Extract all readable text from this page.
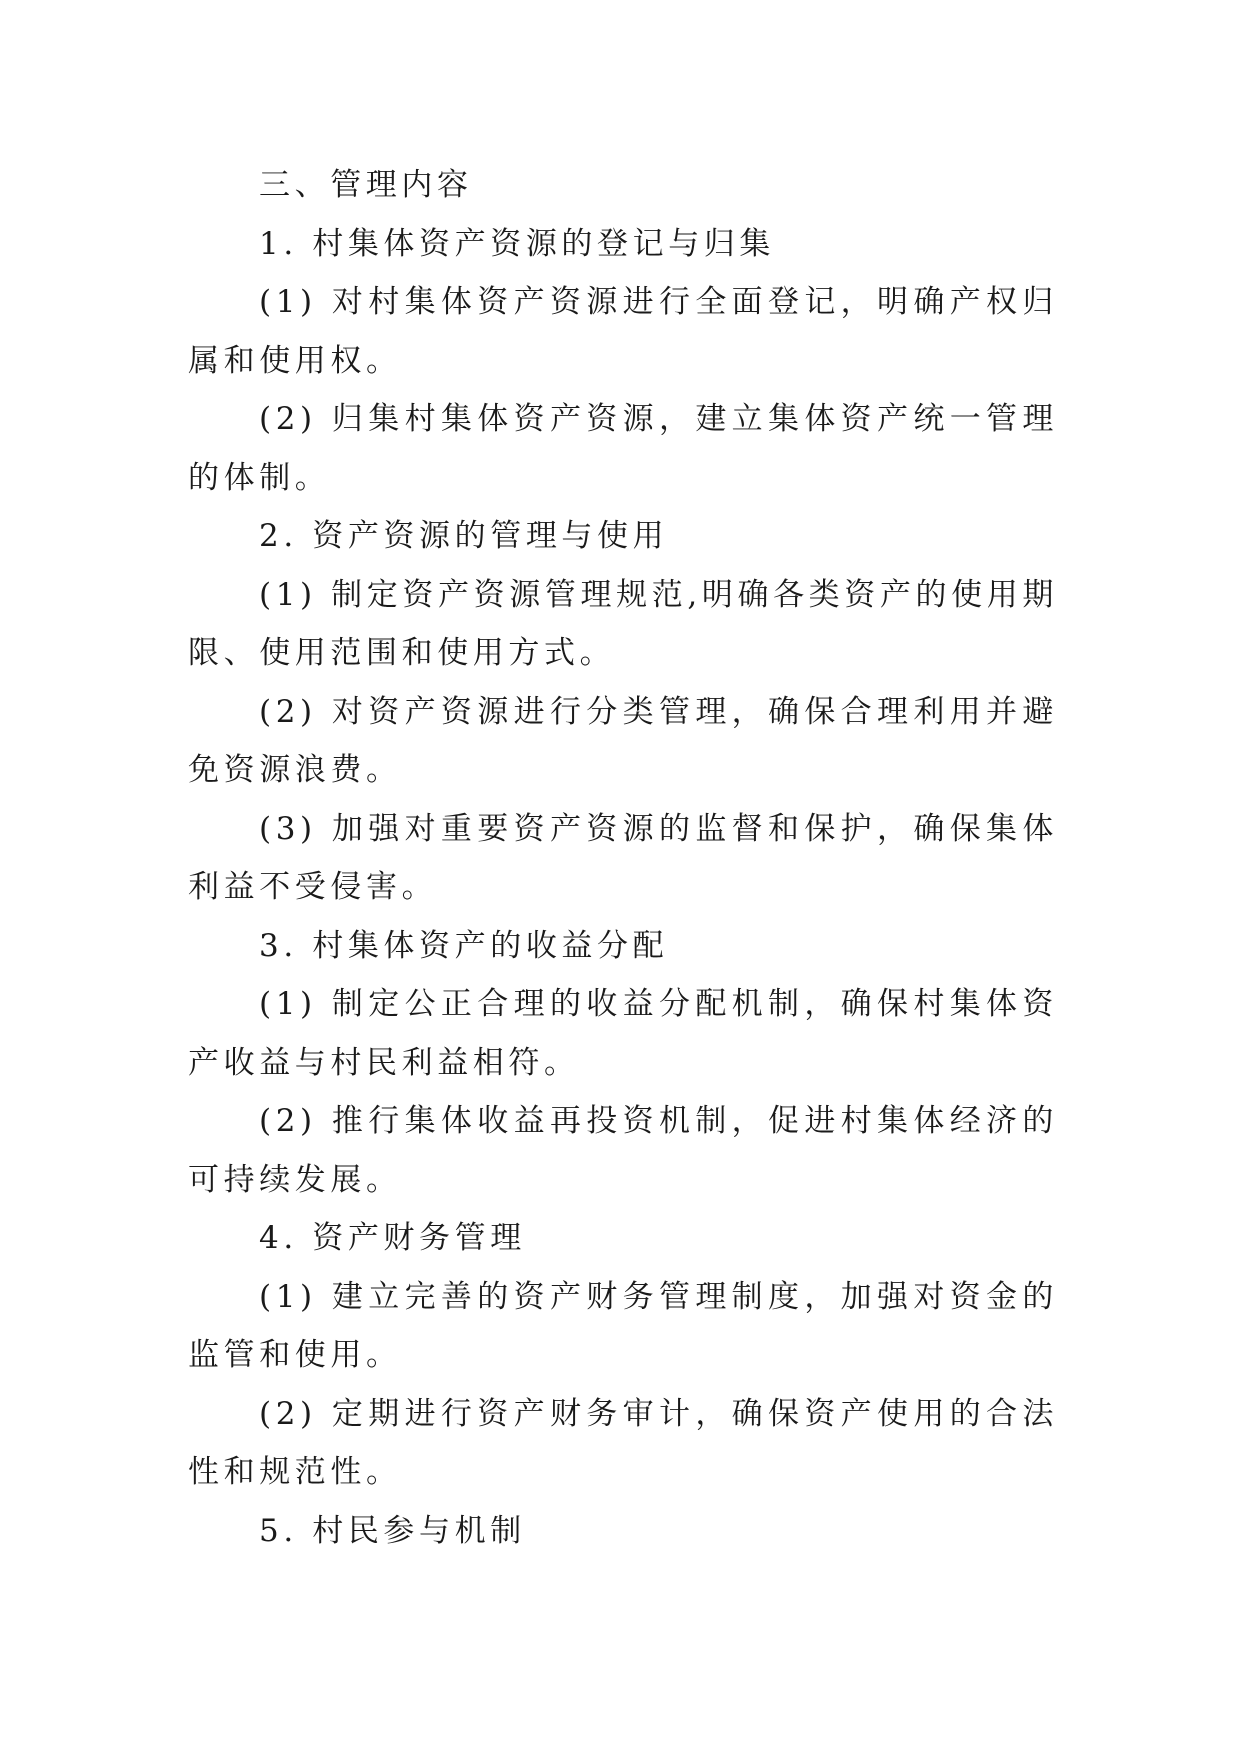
三、管理内容

1. 村集体资产资源的登记与归集

(1) 对村集体资产资源进行全面登记，明确产权归属和使用权。

(2) 归集村集体资产资源，建立集体资产统一管理的体制。

2. 资产资源的管理与使用

(1) 制定资产资源管理规范,明确各类资产的使用期限、使用范围和使用方式。

(2) 对资产资源进行分类管理，确保合理利用并避免资源浪费。

(3) 加强对重要资产资源的监督和保护，确保集体利益不受侵害。

3. 村集体资产的收益分配

(1) 制定公正合理的收益分配机制，确保村集体资产收益与村民利益相符。

(2) 推行集体收益再投资机制，促进村集体经济的可持续发展。

4. 资产财务管理

(1) 建立完善的资产财务管理制度，加强对资金的监管和使用。

(2) 定期进行资产财务审计，确保资产使用的合法性和规范性。

5. 村民参与机制
